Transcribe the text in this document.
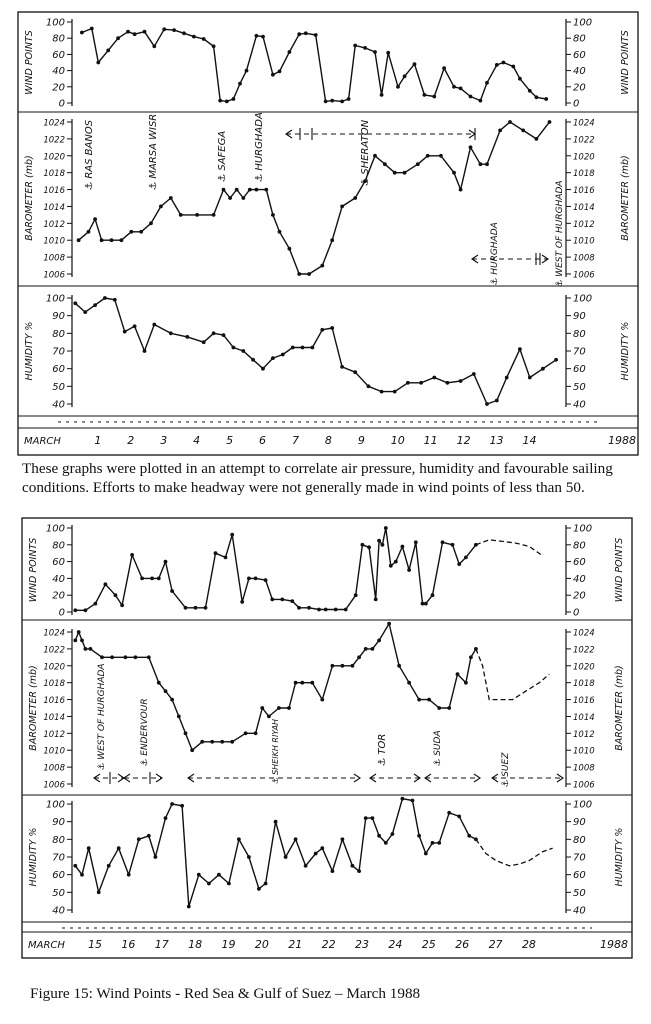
MARCH	1 2 3 4 5 6 7 8 9 10 11 12 13 14	1988
0	0
20	20
40	40
60	60
80	80
100	100
WIND POINTS	WIND POINTS
1006	1006
1008	1008
1010	1010
1012	1012
1014	1014
1016	1016
1018	1018
1020	1020
1022	1022
1024	1024
BAROMETER (mb)	BAROMETER (mb)
40	40
50	50
60	60
70	70
80	80
90	90
100	100
HUMIDITY %	HUMIDITY %
⚓ RAS BANOS	⚓ MARSA WISR	⚓ SAFEGA	⚓ HURGHADA	⚓ SHERATON
⚓ HURGHADA	⚓ WEST OF HURGHADA
MARCH 15 16 17 18 19 20 21 22 23 24 25 26 27 28	1988
0	0
20	20
40	40
60	60
80	80
100	100
WIND POINTS	WIND POINTS
1006	1006
1008	1008
1010	1010
1012	1012
1014	1014
1016	1016
1018	1018
1020	1020
1022	1022
1024	1024
BAROMETER (mb)	BAROMETER (mb)
40	40
50	50
60	60
70	70
80	80
90	90
100	100
HUMIDITY %	HUMIDITY %
⚓ WEST OF HURGHADA	⚓ ENDERVOUR	⚓ SHEIKH RIYAH	⚓ TOR	⚓ SUDA
⚓ SUEZ
These graphs were plotted in an attempt to correlate air pressure, humidity and favourable sailing conditions. Efforts to make headway were not generally made in wind points of less than 50.
Figure 15: Wind Points - Red Sea & Gulf of Suez – March 1988
